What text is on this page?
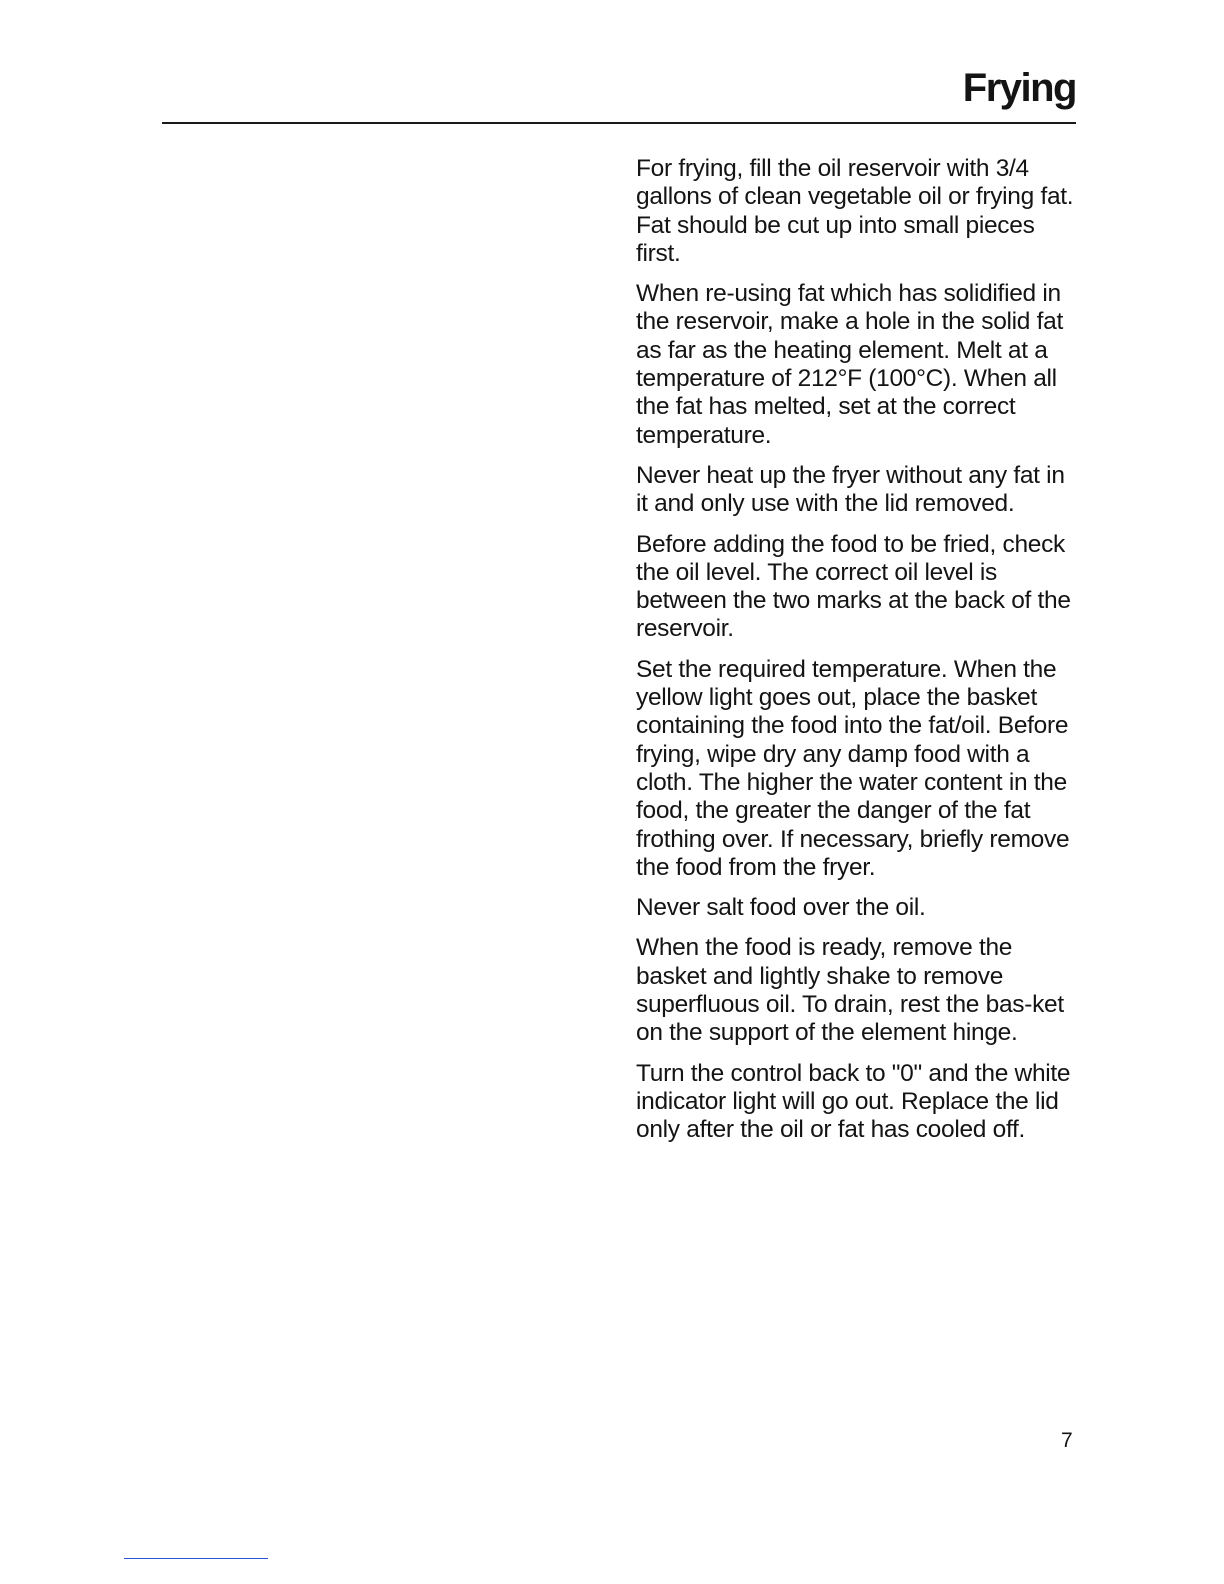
Frying

For frying, fill the oil reservoir with 3/4 gallons of clean vegetable oil or frying fat. Fat should be cut up into small pieces first.

When re-using fat which has solidified in the reservoir, make a hole in the solid fat as far as the heating element. Melt at a temperature of 212°F (100°C). When all the fat has melted, set at the correct temperature.

Never heat up the fryer without any fat in it and only use with the lid removed.

Before adding the food to be fried, check the oil level. The correct oil level is between the two marks at the back of the reservoir.

Set the required temperature. When the yellow light goes out, place the basket containing the food into the fat/oil. Before frying, wipe dry any damp food with a cloth. The higher the water content in the food, the greater the danger of the fat frothing over. If necessary, briefly remove the food from the fryer.

Never salt food over the oil.

When the food is ready, remove the basket and lightly shake to remove superfluous oil. To drain, rest the bas-ket on the support of the element hinge.

Turn the control back to "0" and the white indicator light will go out. Replace the lid only after the oil or fat has cooled off.

7
